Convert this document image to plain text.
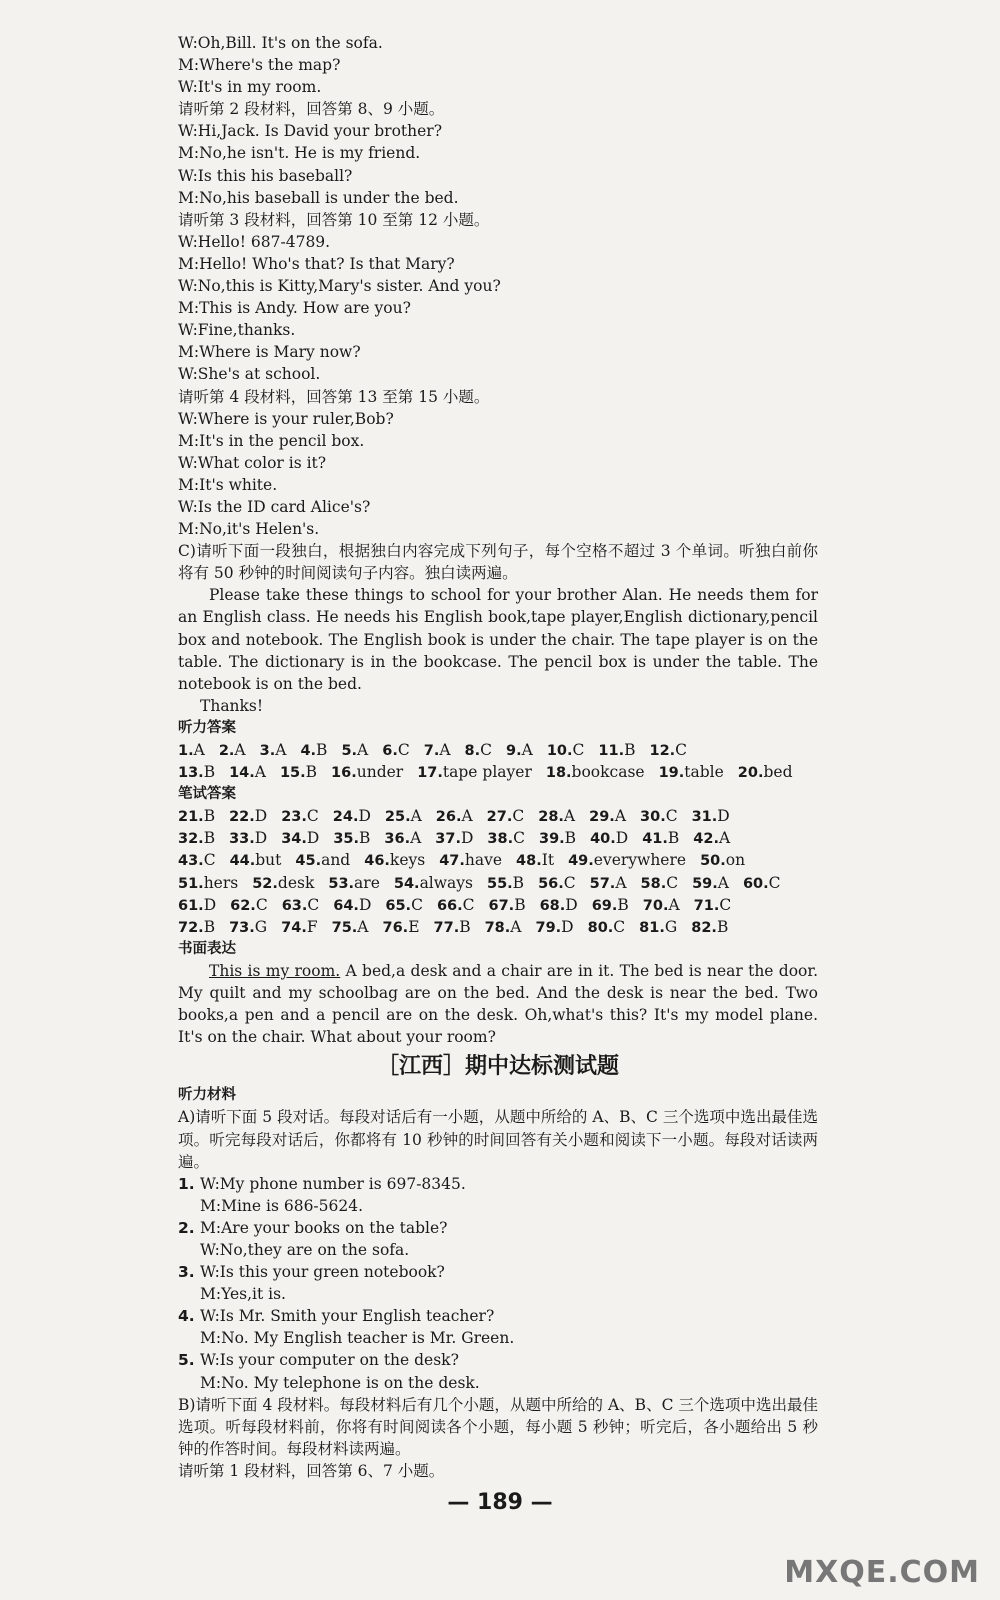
W:Oh,Bill. It's on the sofa.
M:Where's the map?
W:It's in my room.
请听第 2 段材料，回答第 8、9 小题。
W:Hi,Jack. Is David your brother?
M:No,he isn't. He is my friend.
W:Is this his baseball?
M:No,his baseball is under the bed.
请听第 3 段材料，回答第 10 至第 12 小题。
W:Hello! 687-4789.
M:Hello! Who's that? Is that Mary?
W:No,this is Kitty,Mary's sister. And you?
M:This is Andy. How are you?
W:Fine,thanks.
M:Where is Mary now?
W:She's at school.
请听第 4 段材料，回答第 13 至第 15 小题。
W:Where is your ruler,Bob?
M:It's in the pencil box.
W:What color is it?
M:It's white.
W:Is the ID card Alice's?
M:No,it's Helen's.

C)请听下面一段独白，根据独白内容完成下列句子，每个空格不超过 3 个单词。听独白前你将有 50 秒钟的时间阅读句子内容。独白读两遍。

Please take these things to school for your brother Alan. He needs them for an English class. He needs his English book,tape player,English dictionary,pencil box and notebook. The English book is under the chair. The tape player is on the table. The dictionary is in the bookcase. The pencil box is under the table. The notebook is on the bed.

Thanks!
听力答案
1.A 2.A 3.A 4.B 5.A 6.C 7.A 8.C 9.A 10.C 11.B 12.C
13.B 14.A 15.B 16.under 17.tape player 18.bookcase 19.table 20.bed
笔试答案
21.B 22.D 23.C 24.D 25.A 26.A 27.C 28.A 29.A 30.C 31.D
32.B 33.D 34.D 35.B 36.A 37.D 38.C 39.B 40.D 41.B 42.A
43.C 44.but 45.and 46.keys 47.have 48.It 49.everywhere 50.on
51.hers 52.desk 53.are 54.always 55.B 56.C 57.A 58.C 59.A 60.C
61.D 62.C 63.C 64.D 65.C 66.C 67.B 68.D 69.B 70.A 71.C
72.B 73.G 74.F 75.A 76.E 77.B 78.A 79.D 80.C 81.G 82.B
书面表达

This is my room. A bed,a desk and a chair are in it. The bed is near the door. My quilt and my schoolbag are on the bed. And the desk is near the bed. Two books,a pen and a pencil are on the desk. Oh,what's this? It's my model plane. It's on the chair. What about your room?

［江西］期中达标测试题
听力材料

A)请听下面 5 段对话。每段对话后有一小题，从题中所给的 A、B、C 三个选项中选出最佳选项。听完每段对话后，你都将有 10 秒钟的时间回答有关小题和阅读下一小题。每段对话读两遍。

1. W:My phone number is 697-8345.
M:Mine is 686-5624.
2. M:Are your books on the table?
W:No,they are on the sofa.
3. W:Is this your green notebook?
M:Yes,it is.
4. W:Is Mr. Smith your English teacher?
M:No. My English teacher is Mr. Green.
5. W:Is your computer on the desk?
M:No. My telephone is on the desk.

B)请听下面 4 段材料。每段材料后有几个小题，从题中所给的 A、B、C 三个选项中选出最佳选项。听每段材料前，你将有时间阅读各个小题，每小题 5 秒钟；听完后，各小题给出 5 秒钟的作答时间。每段材料读两遍。

请听第 1 段材料，回答第 6、7 小题。
— 189 —
MXQE.COM
